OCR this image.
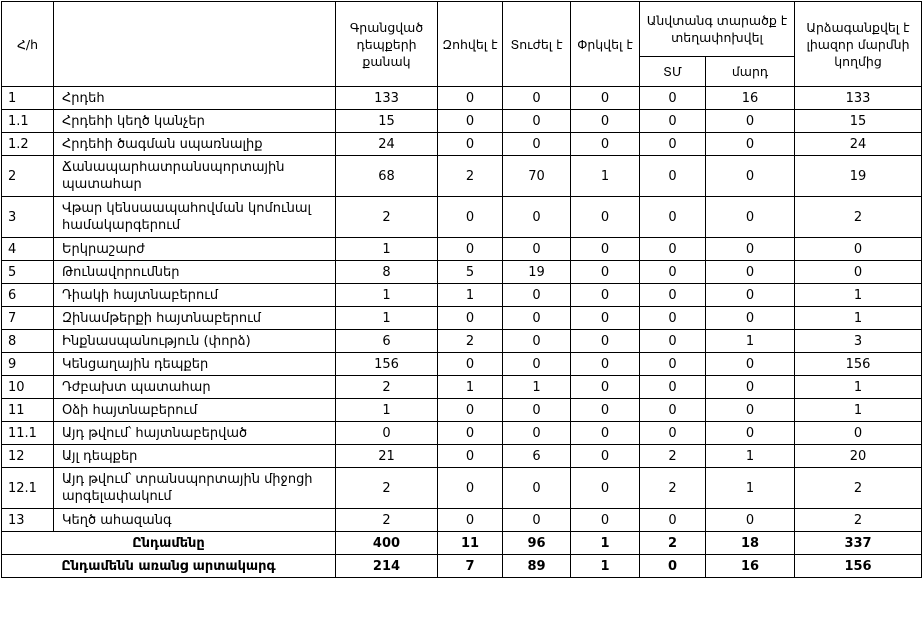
Հ/հ		Գրանցված դեպքերի քանակ	Զոհվել է	Տուժել է	Փրկվել է	Անվտանգ տարածք է տեղափոխվել		Արձագանքվել է լիազոր մարմնի կողմից
						ՏՄ	մարդ	
1	Հրդեհ	133	0	0	0	0	16	133
1.1	Հրդեհի կեղծ կանչեր	15	0	0	0	0	0	15
1.2	Հրդեհի ծագման սպառնալիք	24	0	0	0	0	0	24
2	Ճանապարհատրանսպորտային պատահար	68	2	70	1	0	0	19
3	Վթար կենսաապահովման կոմունալ համակարգերում	2	0	0	0	0	0	2
4	Երկրաշարժ	1	0	0	0	0	0	0
5	Թունավորումներ	8	5	19	0	0	0	0
6	Դիակի հայտնաբերում	1	1	0	0	0	0	1
7	Զինամթերքի հայտնաբերում	1	0	0	0	0	0	1
8	Ինքնասպանություն (փորձ)	6	2	0	0	0	1	3
9	Կենցաղային դեպքեր	156	0	0	0	0	0	156
10	Դժբախտ պատահար	2	1	1	0	0	0	1
11	Օձի հայտնաբերում	1	0	0	0	0	0	1
11.1	Այդ թվում՝ հայտնաբերված	0	0	0	0	0	0	0
12	Այլ դեպքեր	21	0	6	0	2	1	20
12.1	Այդ թվում՝ տրանսպորտային միջոցի արգելափակում	2	0	0	0	2	1	2
13	Կեղծ ահազանգ	2	0	0	0	0	0	2
Ընդամենը		400	11	96	1	2	18	337
Ընդամենն առանց արտակարգ		214	7	89	1	0	16	156
